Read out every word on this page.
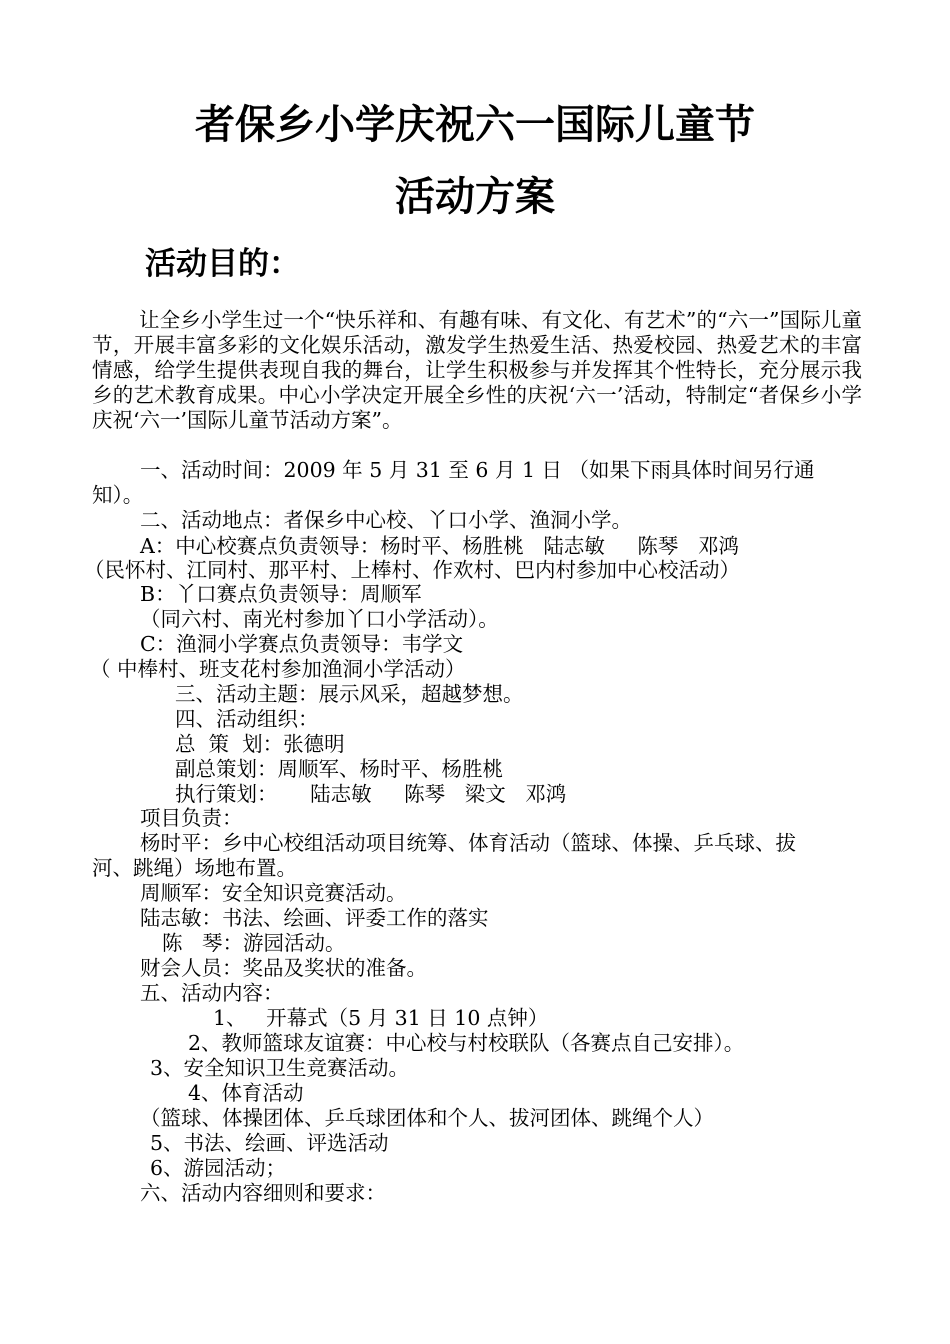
者保乡小学庆祝六一国际儿童节
活动方案
活动目的：

让全乡小学生过一个“快乐祥和、有趣有味、有文化、有艺术”的“六一”国际儿童节，开展丰富多彩的文化娱乐活动，激发学生热爱生活、热爱校园、热爱艺术的丰富情感，给学生提供表现自我的舞台，让学生积极参与并发挥其个性特长，充分展示我乡的艺术教育成果。中心小学决定开展全乡性的庆祝‘六一’活动，特制定“者保乡小学庆祝‘六一’国际儿童节活动方案”。

一、活动时间：2009 年 5 月 31 至 6 月 1 日 （如果下雨具体时间另行通

知）。

二、活动地点：者保乡中心校、丫口小学、渔洞小学。

A：中心校赛点负责领导：杨时平、杨胜桃   陆志敏     陈琴   邓鸿

（民怀村、江同村、那平村、上棒村、作欢村、巴内村参加中心校活动）

B：丫口赛点负责领导：周顺军

（同六村、南光村参加丫口小学活动）。

C：渔洞小学赛点负责领导：韦学文

（ 中棒村、班支花村参加渔洞小学活动）

三、活动主题：展示风采，超越梦想。

四、活动组织：

总  策  划：张德明

副总策划：周顺军、杨时平、杨胜桃

执行策划：     陆志敏     陈琴   梁文   邓鸿

项目负责：

杨时平：乡中心校组活动项目统筹、体育活动（篮球、体操、乒乓球、拔

河、跳绳）场地布置。

周顺军：安全知识竞赛活动。

陆志敏：书法、绘画、评委工作的落实

陈   琴：游园活动。

财会人员：奖品及奖状的准备。

五、活动内容：

1、   开幕式（5 月 31 日 10 点钟）

2、教师篮球友谊赛：中心校与村校联队（各赛点自己安排）。

3、安全知识卫生竞赛活动。

4、体育活动

（篮球、体操团体、乒乓球团体和个人、拔河团体、跳绳个人）

5、书法、绘画、评选活动

6、游园活动；

六、活动内容细则和要求：
